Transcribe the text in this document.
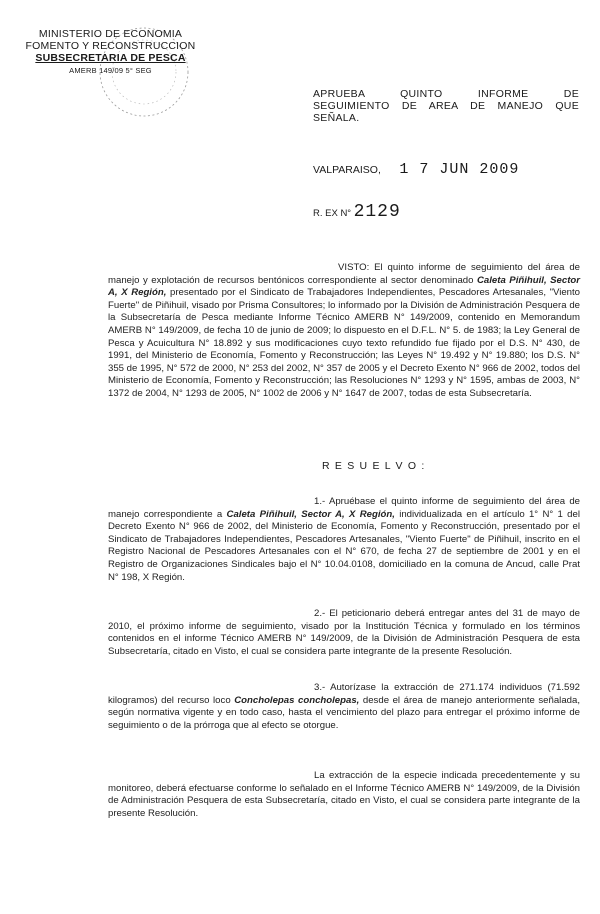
MINISTERIO DE ECONOMIA
FOMENTO Y RECONSTRUCCION
SUBSECRETARIA DE PESCA
AMERB 149/09 5° SEG
APRUEBA QUINTO INFORME DE
SEGUIMIENTO DE AREA DE MANEJO QUE
SEÑALA.
VALPARAISO, 1 7 JUN 2009
R. EX N° 2129

VISTO: El quinto informe de seguimiento del área de manejo y explotación de recursos bentónicos correspondiente al sector denominado Caleta Piñihuil, Sector A, X Región, presentado por el Sindicato de Trabajadores Independientes, Pescadores Artesanales, "Viento Fuerte" de Piñihuil, visado por Prisma Consultores; lo informado por la División de Administración Pesquera de la Subsecretaría de Pesca mediante Informe Técnico AMERB N° 149/2009, contenido en Memorandum AMERB N° 149/2009, de fecha 10 de junio de 2009; lo dispuesto en el D.F.L. N° 5. de 1983; la Ley General de Pesca y Acuicultura N° 18.892 y sus modificaciones cuyo texto refundido fue fijado por el D.S. N° 430, de 1991, del Ministerio de Economía, Fomento y Reconstrucción; las Leyes N° 19.492 y N° 19.880; los D.S. N° 355 de 1995, N° 572 de 2000, N° 253 del 2002, N° 357 de 2005 y el Decreto Exento N° 966 de 2002, todos del Ministerio de Economía, Fomento y Reconstrucción; las Resoluciones N° 1293 y N° 1595, ambas de 2003, N° 1372 de 2004, N° 1293 de 2005, N° 1002 de 2006 y N° 1647 de 2007, todas de esta Subsecretaría.

R E S U E L V O :

1.- Apruébase el quinto informe de seguimiento del área de manejo correspondiente a Caleta Piñihuil, Sector A, X Región, individualizada en el artículo 1° N° 1 del Decreto Exento N° 966 de 2002, del Ministerio de Economía, Fomento y Reconstrucción, presentado por el Sindicato de Trabajadores Independientes, Pescadores Artesanales, "Viento Fuerte" de Piñihuil, inscrito en el Registro Nacional de Pescadores Artesanales con el N° 670, de fecha 27 de septiembre de 2001 y en el Registro de Organizaciones Sindicales bajo el N° 10.04.0108, domiciliado en la comuna de Ancud, calle Prat N° 198, X Región.

2.- El peticionario deberá entregar antes del 31 de mayo de 2010, el próximo informe de seguimiento, visado por la Institución Técnica y formulado en los términos contenidos en el informe Técnico AMERB N° 149/2009, de la División de Administración Pesquera de esta Subsecretaría, citado en Visto, el cual se considera parte integrante de la presente Resolución.

3.- Autorízase la extracción de 271.174 individuos (71.592 kilogramos) del recurso loco Concholepas concholepas, desde el área de manejo anteriormente señalada, según normativa vigente y en todo caso, hasta el vencimiento del plazo para entregar el próximo informe de seguimiento o de la prórroga que al efecto se otorgue.

La extracción de la especie indicada precedentemente y su monitoreo, deberá efectuarse conforme lo señalado en el Informe Técnico AMERB N° 149/2009, de la División de Administración Pesquera de esta Subsecretaría, citado en Visto, el cual se considera parte integrante de la presente Resolución.
